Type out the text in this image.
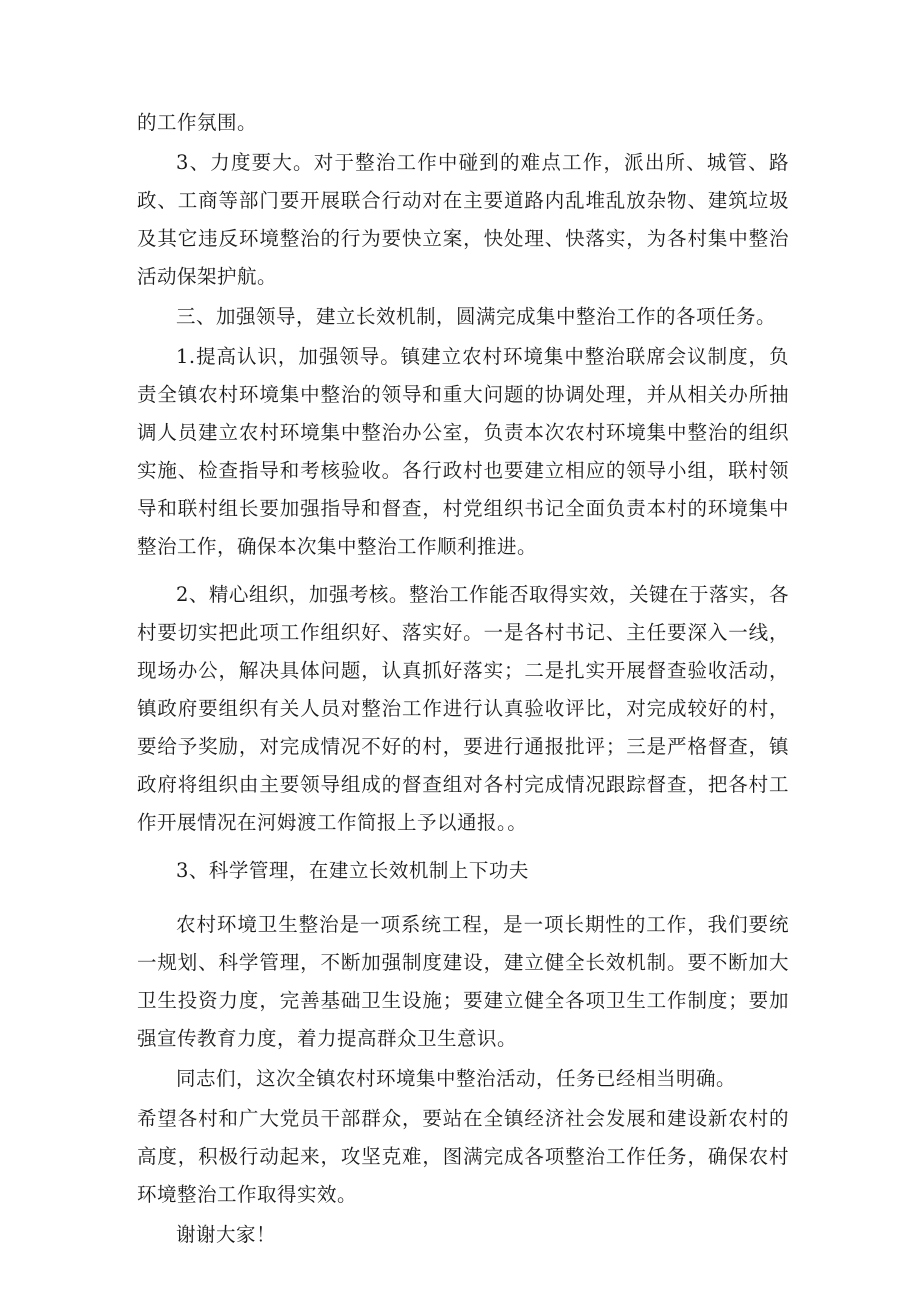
的工作氛围。

3、力度要大。对于整治工作中碰到的难点工作，派出所、城管、路政、工商等部门要开展联合行动对在主要道路内乱堆乱放杂物、建筑垃圾及其它违反环境整治的行为要快立案，快处理、快落实，为各村集中整治活动保架护航。

三、加强领导，建立长效机制，圆满完成集中整治工作的各项任务。

1.提高认识，加强领导。镇建立农村环境集中整治联席会议制度，负责全镇农村环境集中整治的领导和重大问题的协调处理，并从相关办所抽调人员建立农村环境集中整治办公室，负责本次农村环境集中整治的组织实施、检查指导和考核验收。各行政村也要建立相应的领导小组，联村领导和联村组长要加强指导和督查，村党组织书记全面负责本村的环境集中整治工作，确保本次集中整治工作顺利推进。

2、精心组织，加强考核。整治工作能否取得实效，关键在于落实，各村要切实把此项工作组织好、落实好。一是各村书记、主任要深入一线，现场办公，解决具体问题，认真抓好落实；二是扎实开展督查验收活动，镇政府要组织有关人员对整治工作进行认真验收评比，对完成较好的村，要给予奖励，对完成情况不好的村，要进行通报批评；三是严格督查，镇政府将组织由主要领导组成的督查组对各村完成情况跟踪督查，把各村工作开展情况在河姆渡工作简报上予以通报。。

3、科学管理，在建立长效机制上下功夫

农村环境卫生整治是一项系统工程，是一项长期性的工作，我们要统一规划、科学管理，不断加强制度建设，建立健全长效机制。要不断加大卫生投资力度，完善基础卫生设施；要建立健全各项卫生工作制度；要加强宣传教育力度，着力提高群众卫生意识。

同志们，这次全镇农村环境集中整治活动，任务已经相当明确。

希望各村和广大党员干部群众，要站在全镇经济社会发展和建设新农村的高度，积极行动起来，攻坚克难，图满完成各项整治工作任务，确保农村环境整治工作取得实效。

谢谢大家！
